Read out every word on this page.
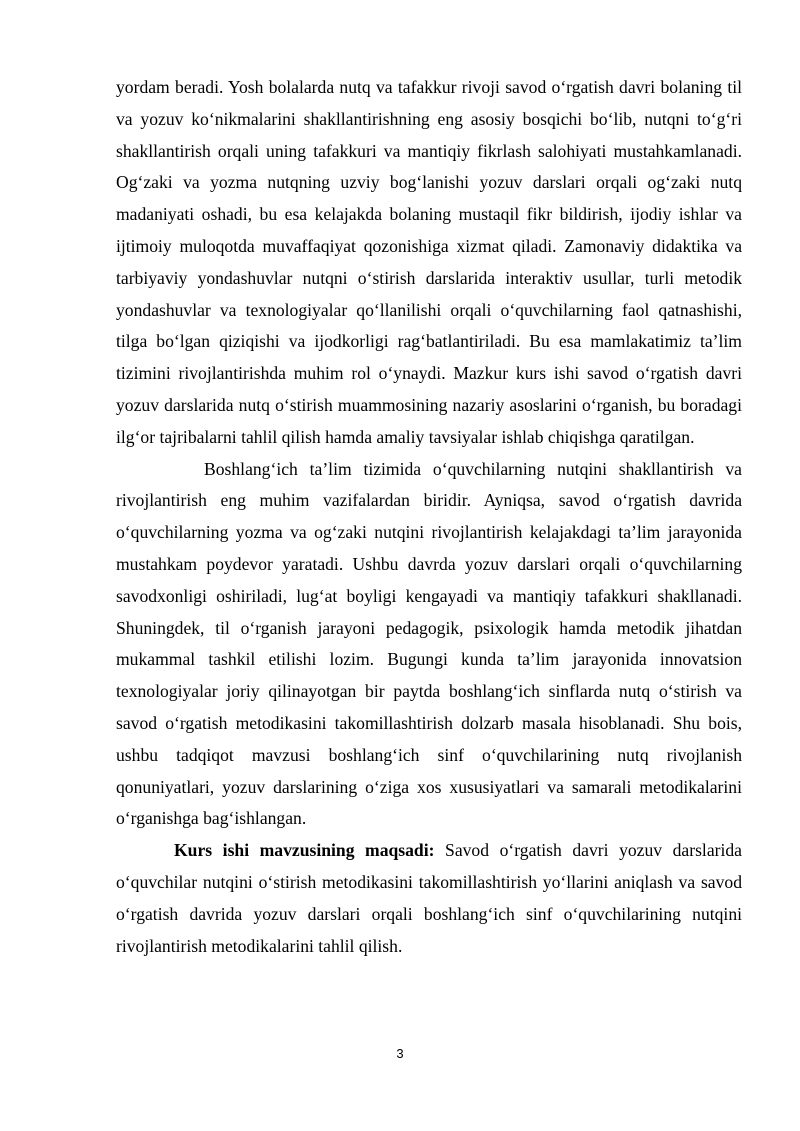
yordam beradi. Yosh bolalarda nutq va tafakkur rivoji savod o‘rgatish davri bolaning til va yozuv ko‘nikmalarini shakllantirishning eng asosiy bosqichi bo‘lib, nutqni to‘g‘ri shakllantirish orqali uning tafakkuri va mantiqiy fikrlash salohiyati mustahkamlanadi. Og‘zaki va yozma nutqning uzviy bog‘lanishi yozuv darslari orqali og‘zaki nutq madaniyati oshadi, bu esa kelajakda bolaning mustaqil fikr bildirish, ijodiy ishlar va ijtimoiy muloqotda muvaffaqiyat qozonishiga xizmat qiladi. Zamonaviy didaktika va tarbiyaviy yondashuvlar nutqni o‘stirish darslarida interaktiv usullar, turli metodik yondashuvlar va texnologiyalar qo‘llanilishi orqali o‘quvchilarning faol qatnashishi, tilga bo‘lgan qiziqishi va ijodkorligi rag‘batlantiriladi. Bu esa mamlakatimiz ta’lim tizimini rivojlantirishda muhim rol o‘ynaydi. Mazkur kurs ishi savod o‘rgatish davri yozuv darslarida nutq o‘stirish muammosining nazariy asoslarini o‘rganish, bu boradagi ilg‘or tajribalarni tahlil qilish hamda amaliy tavsiyalar ishlab chiqishga qaratilgan.

Boshlang‘ich ta’lim tizimida o‘quvchilarning nutqini shakllantirish va rivojlantirish eng muhim vazifalardan biridir. Ayniqsa, savod o‘rgatish davrida o‘quvchilarning yozma va og‘zaki nutqini rivojlantirish kelajakdagi ta’lim jarayonida mustahkam poydevor yaratadi. Ushbu davrda yozuv darslari orqali o‘quvchilarning savodxonligi oshiriladi, lug‘at boyligi kengayadi va mantiqiy tafakkuri shakllanadi. Shuningdek, til o‘rganish jarayoni pedagogik, psixologik hamda metodik jihatdan mukammal tashkil etilishi lozim. Bugungi kunda ta’lim jarayonida innovatsion texnologiyalar joriy qilinayotgan bir paytda boshlang‘ich sinflarda nutq o‘stirish va savod o‘rgatish metodikasini takomillashtirish dolzarb masala hisoblanadi. Shu bois, ushbu tadqiqot mavzusi boshlang‘ich sinf o‘quvchilarining nutq rivojlanish qonuniyatlari, yozuv darslarining o‘ziga xos xususiyatlari va samarali metodikalarini o‘rganishga bag‘ishlangan.

Kurs ishi mavzusining maqsadi: Savod o‘rgatish davri yozuv darslarida o‘quvchilar nutqini o‘stirish metodikasini takomillashtirish yo‘llarini aniqlash va savod o‘rgatish davrida yozuv darslari orqali boshlang‘ich sinf o‘quvchilarining nutqini rivojlantirish metodikalarini tahlil qilish.

3
